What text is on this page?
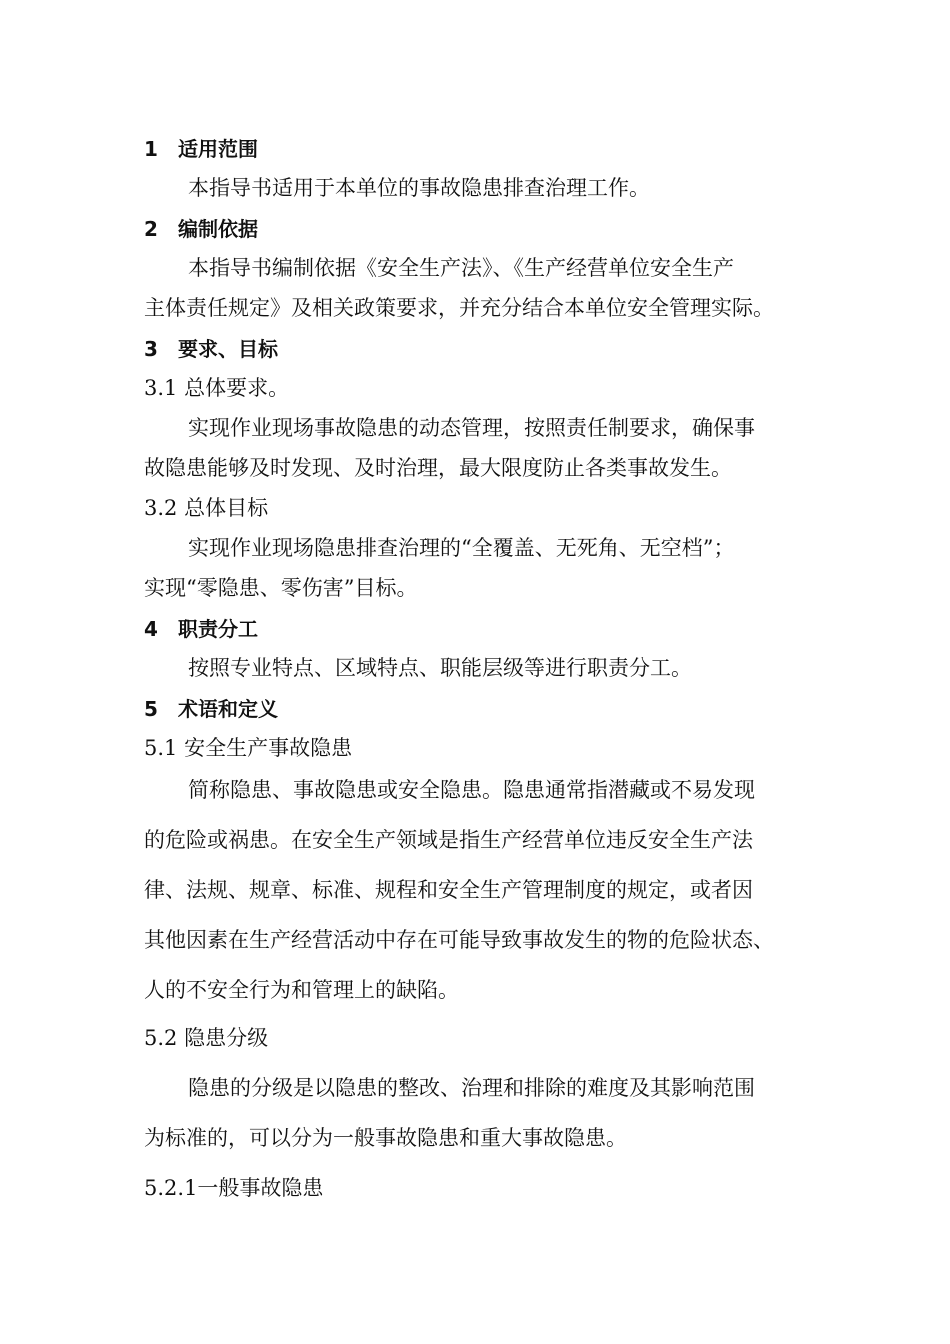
1 适用范围
本指导书适用于本单位的事故隐患排查治理工作。
2 编制依据
本指导书编制依据《安全生产法》、《生产经营单位安全生产
主体责任规定》及相关政策要求，并充分结合本单位安全管理实际。
3 要求、目标
3.1 总体要求。
实现作业现场事故隐患的动态管理，按照责任制要求，确保事
故隐患能够及时发现、及时治理，最大限度防止各类事故发生。
3.2 总体目标
实现作业现场隐患排查治理的“全覆盖、无死角、无空档”；
实现“零隐患、零伤害”目标。
4 职责分工
按照专业特点、区域特点、职能层级等进行职责分工。
5 术语和定义
5.1 安全生产事故隐患
简称隐患、事故隐患或安全隐患。隐患通常指潜藏或不易发现
的危险或祸患。在安全生产领域是指生产经营单位违反安全生产法
律、法规、规章、标准、规程和安全生产管理制度的规定，或者因
其他因素在生产经营活动中存在可能导致事故发生的物的危险状态、
人的不安全行为和管理上的缺陷。
5.2 隐患分级
隐患的分级是以隐患的整改、治理和排除的难度及其影响范围
为标准的，可以分为一般事故隐患和重大事故隐患。
5.2.1一般事故隐患
